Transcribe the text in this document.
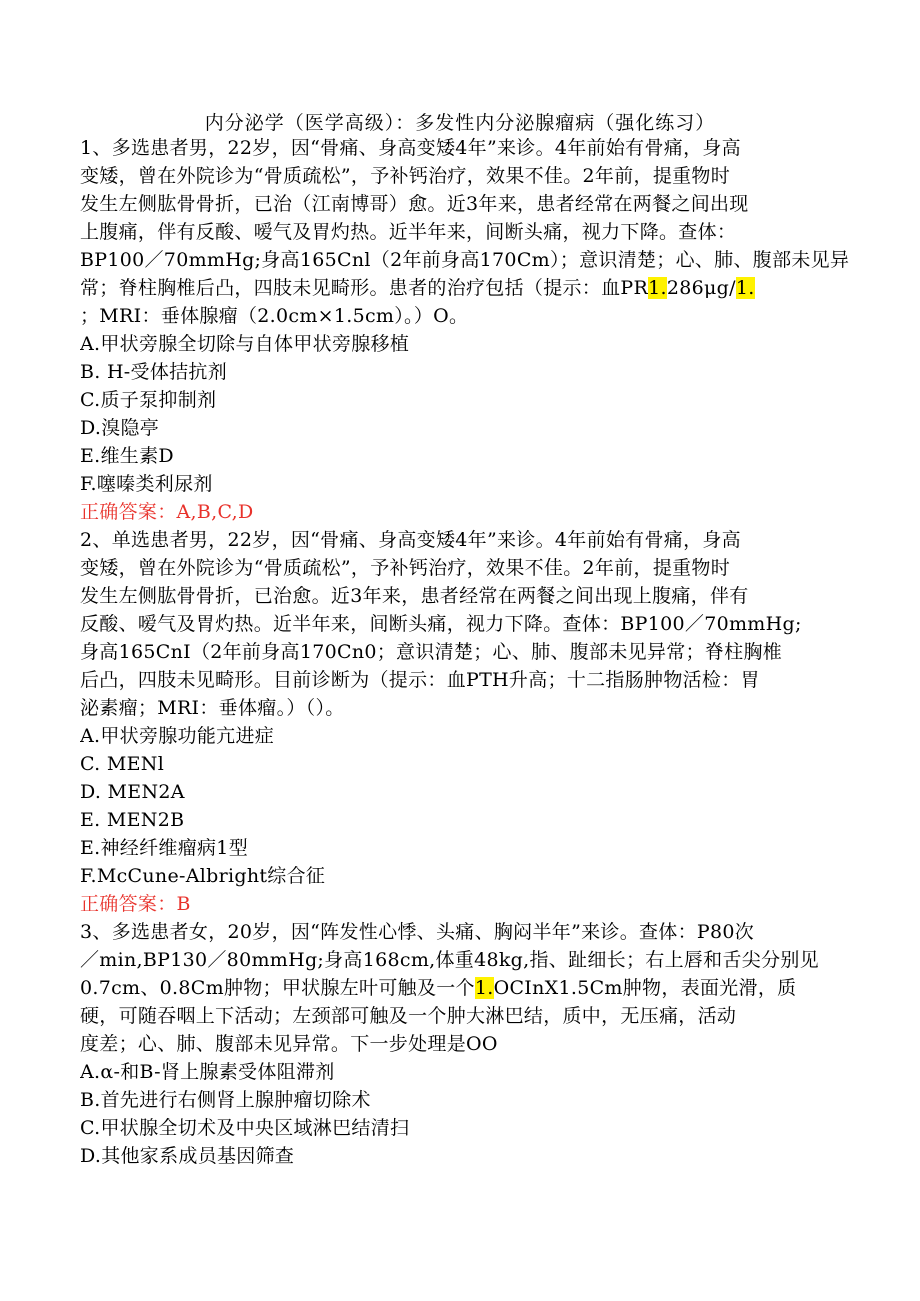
内分泌学（医学高级）：多发性内分泌腺瘤病（强化练习）
1、多选患者男，22岁，因“骨痛、身高变矮4年”来诊。4年前始有骨痛，身高
变矮，曾在外院诊为“骨质疏松”，予补钙治疗，效果不佳。2年前，提重物时
发生左侧肱骨骨折，已治（江南博哥）愈。近3年来，患者经常在两餐之间出现
上腹痛，伴有反酸、嗳气及胃灼热。近半年来，间断头痛，视力下降。查体：
BP100／70mmHg;身高165Cnl（2年前身高170Cm）；意识清楚；心、肺、腹部未见异
常；脊柱胸椎后凸，四肢未见畸形。患者的治疗包括（提示：血PR1.286μg/1.
；MRI：垂体腺瘤（2.0cm×1.5cm）。）O。
A.甲状旁腺全切除与自体甲状旁腺移植
B. H-受体拮抗剂
C.质子泵抑制剂
D.溴隐亭
E.维生素D
F.噻嗪类利尿剂
正确答案：A,B,C,D
2、单选患者男，22岁，因“骨痛、身高变矮4年”来诊。4年前始有骨痛，身高
变矮，曾在外院诊为“骨质疏松”，予补钙治疗，效果不佳。2年前，提重物时
发生左侧肱骨骨折，已治愈。近3年来，患者经常在两餐之间出现上腹痛，伴有
反酸、嗳气及胃灼热。近半年来，间断头痛，视力下降。查体：BP100／70mmHg;
身高165CnI（2年前身高170Cn0；意识清楚；心、肺、腹部未见异常；脊柱胸椎
后凸，四肢未见畸形。目前诊断为（提示：血PTH升高；十二指肠肿物活检：胃
泌素瘤；MRI：垂体瘤。）（）。
A.甲状旁腺功能亢进症
C. MENl
D. MEN2A
E. MEN2B
E.神经纤维瘤病1型
F.McCune-Albright综合征
正确答案：B
3、多选患者女，20岁，因“阵发性心悸、头痛、胸闷半年”来诊。查体：P80次
／min,BP130／80mmHg;身高168cm,体重48kg,指、趾细长；右上唇和舌尖分别见
0.7cm、0.8Cm肿物；甲状腺左叶可触及一个1.OCInX1.5Cm肿物，表面光滑，质
硬，可随吞咽上下活动；左颈部可触及一个肿大淋巴结，质中，无压痛，活动
度差；心、肺、腹部未见异常。下一步处理是OO
A.α-和B-肾上腺素受体阻滞剂
B.首先进行右侧肾上腺肿瘤切除术
C.甲状腺全切术及中央区域淋巴结清扫
D.其他家系成员基因筛查
